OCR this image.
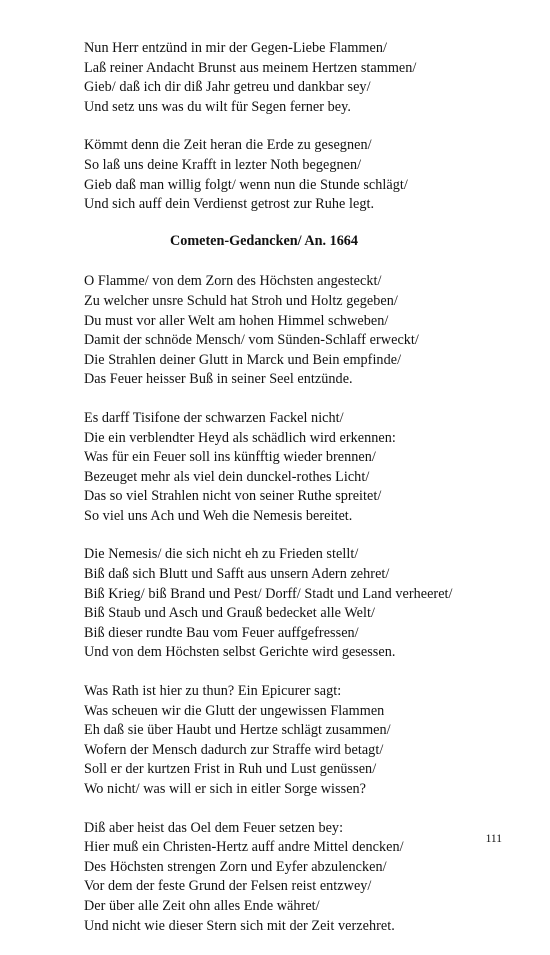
Nun Herr entzünd in mir der Gegen-Liebe Flammen/
Laß reiner Andacht Brunst aus meinem Hertzen stammen/
Gieb/ daß ich dir diß Jahr getreu und dankbar sey/
Und setz uns was du wilt für Segen ferner bey.
Kömmt denn die Zeit heran die Erde zu gesegnen/
So laß uns deine Krafft in lezter Noth begegnen/
Gieb daß man willig folgt/ wenn nun die Stunde schlägt/
Und sich auff dein Verdienst getrost zur Ruhe legt.
Cometen-Gedancken/ An. 1664
O Flamme/ von dem Zorn des Höchsten angesteckt/
Zu welcher unsre Schuld hat Stroh und Holtz gegeben/
Du must vor aller Welt am hohen Himmel schweben/
Damit der schnöde Mensch/ vom Sünden-Schlaff erweckt/
Die Strahlen deiner Glutt in Marck und Bein empfinde/
Das Feuer heisser Buß in seiner Seel entzünde.
Es darff Tisifone der schwarzen Fackel nicht/
Die ein verblendter Heyd als schädlich wird erkennen:
Was für ein Feuer soll ins künfftig wieder brennen/
Bezeuget mehr als viel dein dunckel-rothes Licht/
Das so viel Strahlen nicht von seiner Ruthe spreitet/
So viel uns Ach und Weh die Nemesis bereitet.
Die Nemesis/ die sich nicht eh zu Frieden stellt/
Biß daß sich Blutt und Safft aus unsern Adern zehret/
Biß Krieg/ biß Brand und Pest/ Dorff/ Stadt und Land verheeret/
Biß Staub und Asch und Grauß bedecket alle Welt/
Biß dieser rundte Bau vom Feuer auffgefressen/
Und von dem Höchsten selbst Gerichte wird gesessen.
Was Rath ist hier zu thun? Ein Epicurer sagt:
Was scheuen wir die Glutt der ungewissen Flammen
Eh daß sie über Haubt und Hertze schlägt zusammen/
Wofern der Mensch dadurch zur Straffe wird betagt/
Soll er der kurtzen Frist in Ruh und Lust genüssen/
Wo nicht/ was will er sich in eitler Sorge wissen?
Diß aber heist das Oel dem Feuer setzen bey:
Hier muß ein Christen-Hertz auff andre Mittel dencken/
Des Höchsten strengen Zorn und Eyfer abzulencken/
Vor dem der feste Grund der Felsen reist entzwey/
Der über alle Zeit ohn alles Ende währet/
Und nicht wie dieser Stern sich mit der Zeit verzehret.
111
